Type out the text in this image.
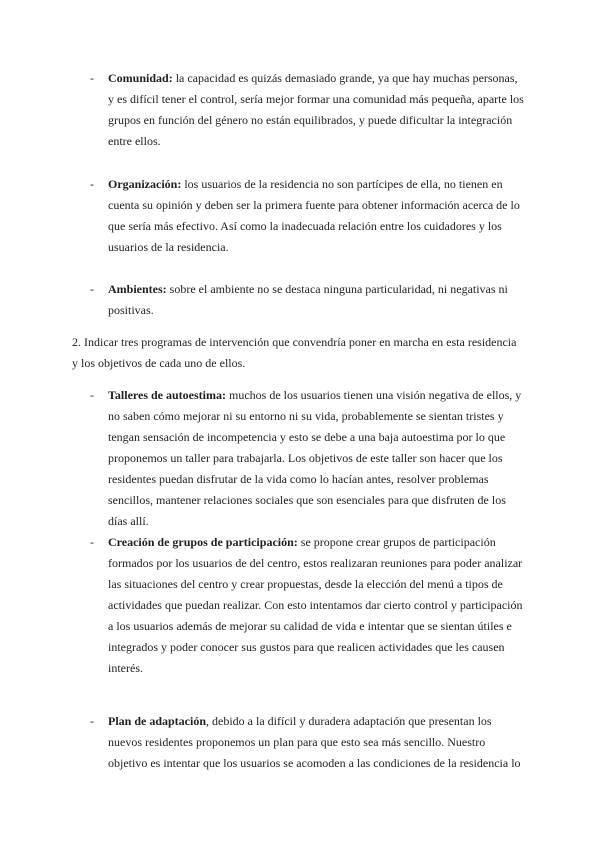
- Comunidad: la capacidad es quizás demasiado grande, ya que hay muchas personas, y es difícil tener el control, sería mejor formar una comunidad más pequeña, aparte los grupos en función del género no están equilibrados, y puede dificultar la integración entre ellos.

- Organización: los usuarios de la residencia no son partícipes de ella, no tienen en cuenta su opinión y deben ser la primera fuente para obtener información acerca de lo que sería más efectivo. Así como la inadecuada relación entre los cuidadores y los usuarios de la residencia.

- Ambientes: sobre el ambiente no se destaca ninguna particularidad, ni negativas ni positivas.

2. Indicar tres programas de intervención que convendría poner en marcha en esta residencia y los objetivos de cada uno de ellos.

- Talleres de autoestima: muchos de los usuarios tienen una visión negativa de ellos, y no saben cómo mejorar ni su entorno ni su vida, probablemente se sientan tristes y tengan sensación de incompetencia y esto se debe a una baja autoestima por lo que proponemos un taller para trabajarla. Los objetivos de este taller son hacer que los residentes puedan disfrutar de la vida como lo hacían antes, resolver problemas sencillos, mantener relaciones sociales que son esenciales para que disfruten de los días allí.

- Creación de grupos de participación: se propone crear grupos de participación formados por los usuarios de del centro, estos realizaran reuniones para poder analizar las situaciones del centro y crear propuestas, desde la elección del menú a tipos de actividades que puedan realizar. Con esto intentamos dar cierto control y participación a los usuarios además de mejorar su calidad de vida e intentar que se sientan útiles e integrados y poder conocer sus gustos para que realicen actividades que les causen interés.

- Plan de adaptación, debido a la difícil y duradera adaptación que presentan los nuevos residentes proponemos un plan para que esto sea más sencillo. Nuestro objetivo es intentar que los usuarios se acomoden a las condiciones de la residencia lo
